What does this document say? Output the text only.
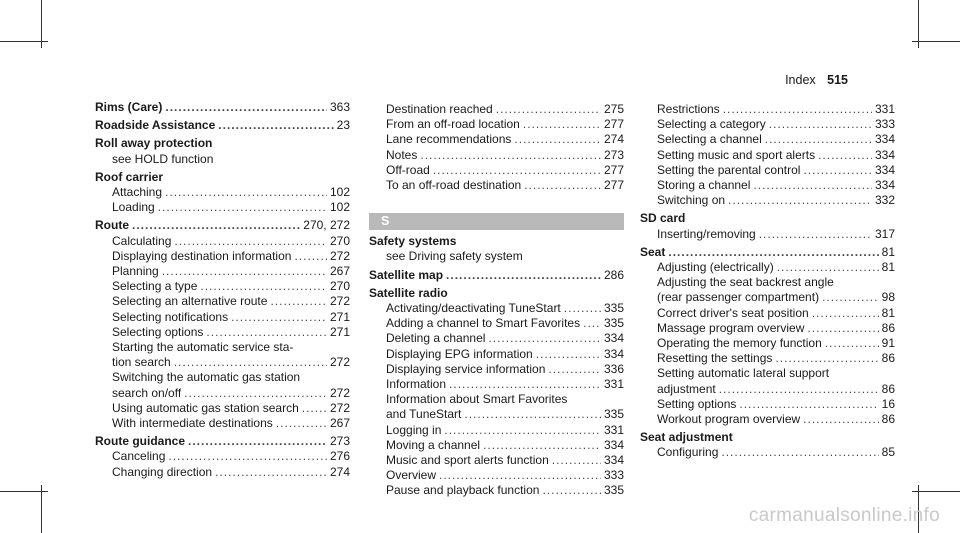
Index 515
Rims (Care) .....	363
Roadside Assistance .....	23
Roll away protection
see HOLD function
Roof carrier
Attaching .....	102
Loading .....	102
Route .....	270, 272
Calculating .....	270
Displaying destination information .....	272
Planning .....	267
Selecting a type .....	270
Selecting an alternative route .....	272
Selecting notifications .....	271
Selecting options .....	271
Starting the automatic service sta-
tion search .....	272
Switching the automatic gas station
search on/off .....	272
Using automatic gas station search .....	272
With intermediate destinations .....	267
Route guidance .....	273
Canceling .....	276
Changing direction .....	274
Destination reached .....	275
From an off-road location .....	277
Lane recommendations .....	274
Notes .....	273
Off-road .....	277
To an off-road destination .....	277
S
Safety systems
see Driving safety system
Satellite map .....	286
Satellite radio
Activating/deactivating TuneStart .....	335
Adding a channel to Smart Favorites ..... 335
Deleting a channel .....	334
Displaying EPG information .....	334
Displaying service information .....	336
Information .....	331
Information about Smart Favorites
and TuneStart .....	335
Logging in .....	331
Moving a channel .....	334
Music and sport alerts function .....	334
Overview .....	333
Pause and playback function .....	335
Restrictions .....	331
Selecting a category .....	333
Selecting a channel .....	334
Setting music and sport alerts .....	334
Setting the parental control .....	334
Storing a channel .....	334
Switching on .....	332
SD card
Inserting/removing .....	317
Seat .....	81
Adjusting (electrically) .....	81
Adjusting the seat backrest angle
(rear passenger compartment) .....	98
Correct driver's seat position .....	81
Massage program overview .....	86
Operating the memory function .....	91
Resetting the settings .....	86
Setting automatic lateral support
adjustment .....	86
Setting options .....	16
Workout program overview .....	86
Seat adjustment
Configuring .....	85
carmanualsonline.info
